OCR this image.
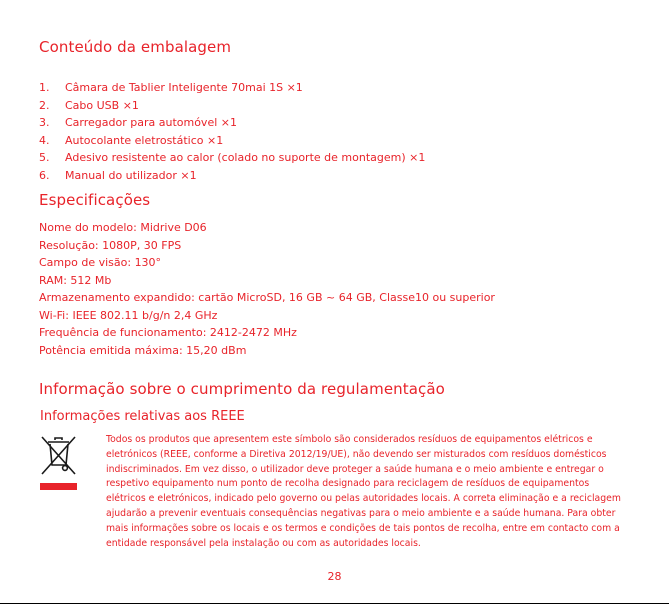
Conteúdo da embalagem
1. Câmara de Tablier Inteligente 70mai 1S ×1
2. Cabo USB ×1
3. Carregador para automóvel ×1
4. Autocolante eletrostático ×1
5. Adesivo resistente ao calor (colado no suporte de montagem) ×1
6. Manual do utilizador ×1
Especificações
Nome do modelo: Midrive D06
Resolução: 1080P, 30 FPS
Campo de visão: 130°
RAM: 512 Mb
Armazenamento expandido: cartão MicroSD, 16 GB ~ 64 GB, Classe10 ou superior
Wi-Fi: IEEE 802.11 b/g/n 2,4 GHz
Frequência de funcionamento: 2412-2472 MHz
Potência emitida máxima: 15,20 dBm
Informação sobre o cumprimento da regulamentação
Informações relativas aos REEE

Todos os produtos que apresentem este símbolo são considerados resíduos de equipamentos elétricos e eletrónicos (REEE, conforme a Diretiva 2012/19/UE), não devendo ser misturados com resíduos domésticos indiscriminados. Em vez disso, o utilizador deve proteger a saúde humana e o meio ambiente e entregar o respetivo equipamento num ponto de recolha designado para reciclagem de resíduos de equipamentos elétricos e eletrónicos, indicado pelo governo ou pelas autoridades locais. A correta eliminação e a reciclagem ajudarão a prevenir eventuais consequências negativas para o meio ambiente e a saúde humana. Para obter mais informações sobre os locais e os termos e condições de tais pontos de recolha, entre em contacto com a entidade responsável pela instalação ou com as autoridades locais.

28
